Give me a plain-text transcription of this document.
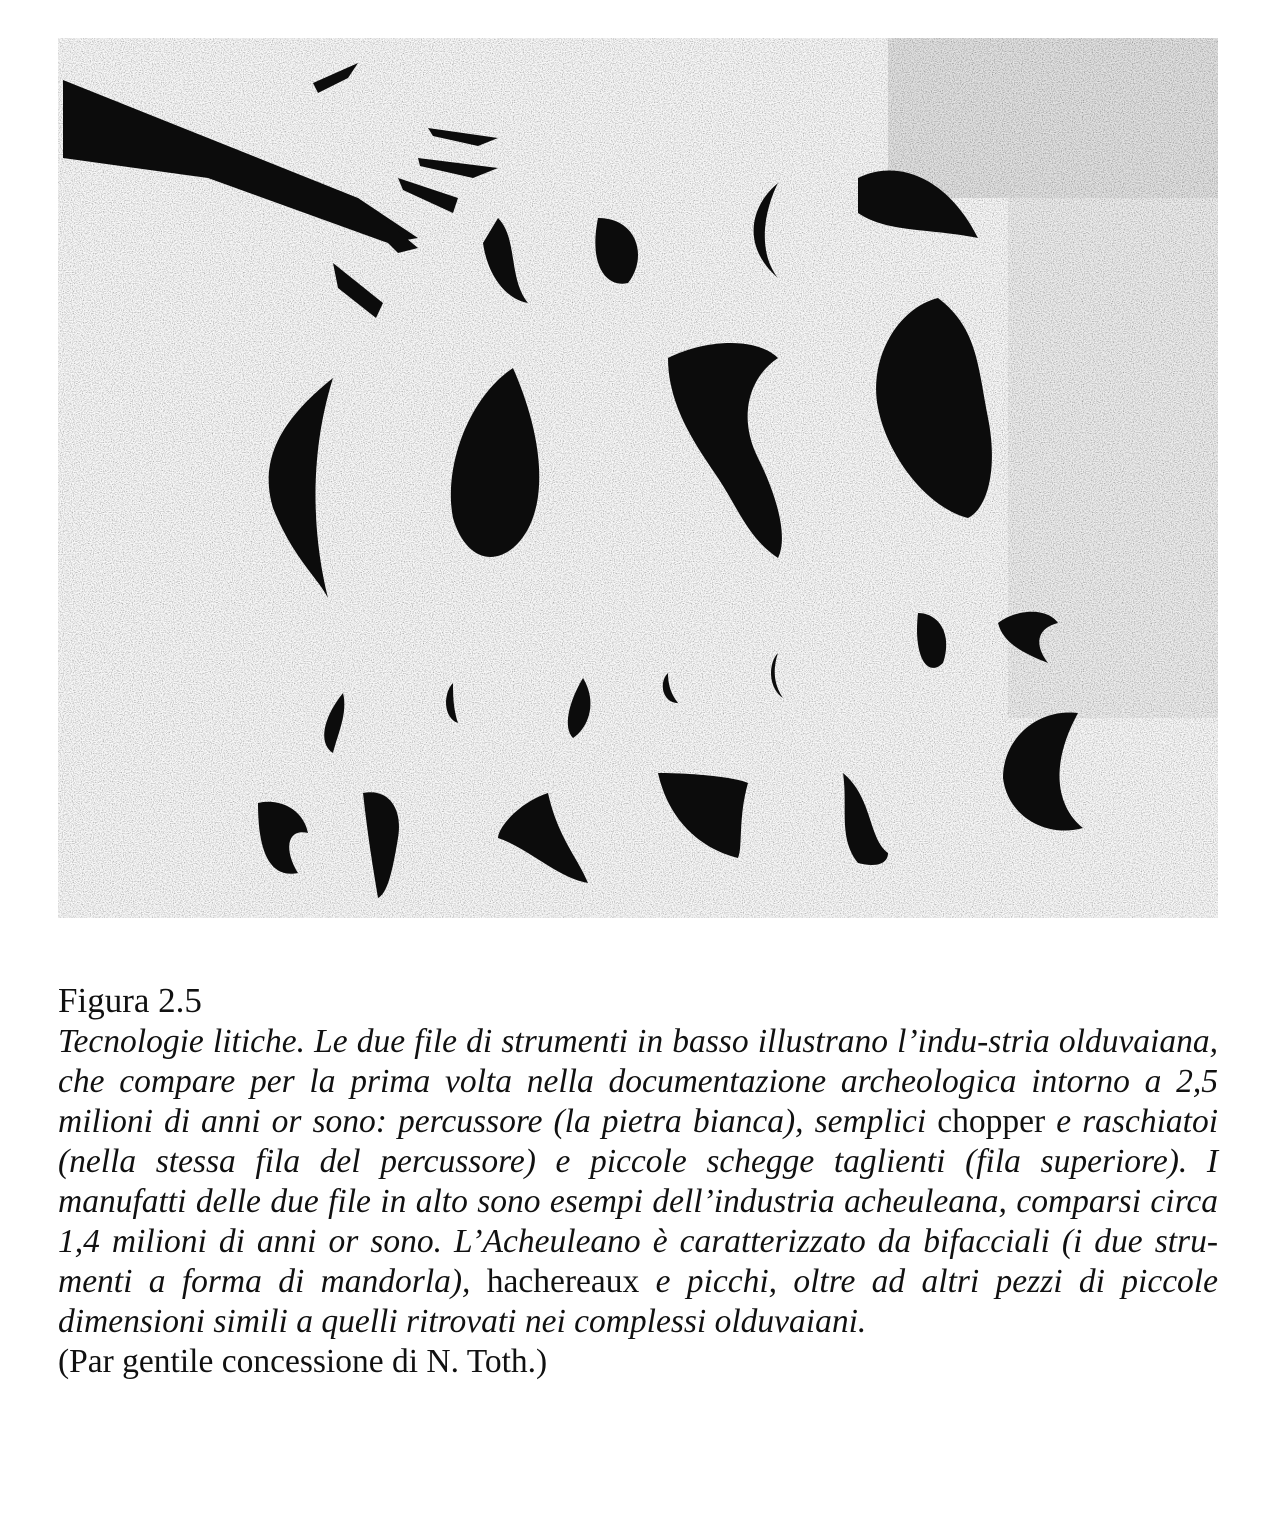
Figura 2.5

Tecnologie litiche. Le due file di strumenti in basso illustrano l’indu-stria olduvaiana, che compare per la prima volta nella documentazione archeologica intorno a 2,5 milioni di anni or sono: percussore (la pietra bianca), semplici chopper e raschiatoi (nella stessa fila del percussore) e piccole schegge taglienti (fila superiore). I manufatti delle due file in alto sono esempi dell’industria acheuleana, comparsi circa 1,4 milioni di anni or sono. L’Acheuleano è caratterizzato da bifacciali (i due stru-menti a forma di mandorla), hachereaux e picchi, oltre ad altri pezzi di piccole dimensioni simili a quelli ritrovati nei complessi olduvaiani.

(Par gentile concessione di N. Toth.)
